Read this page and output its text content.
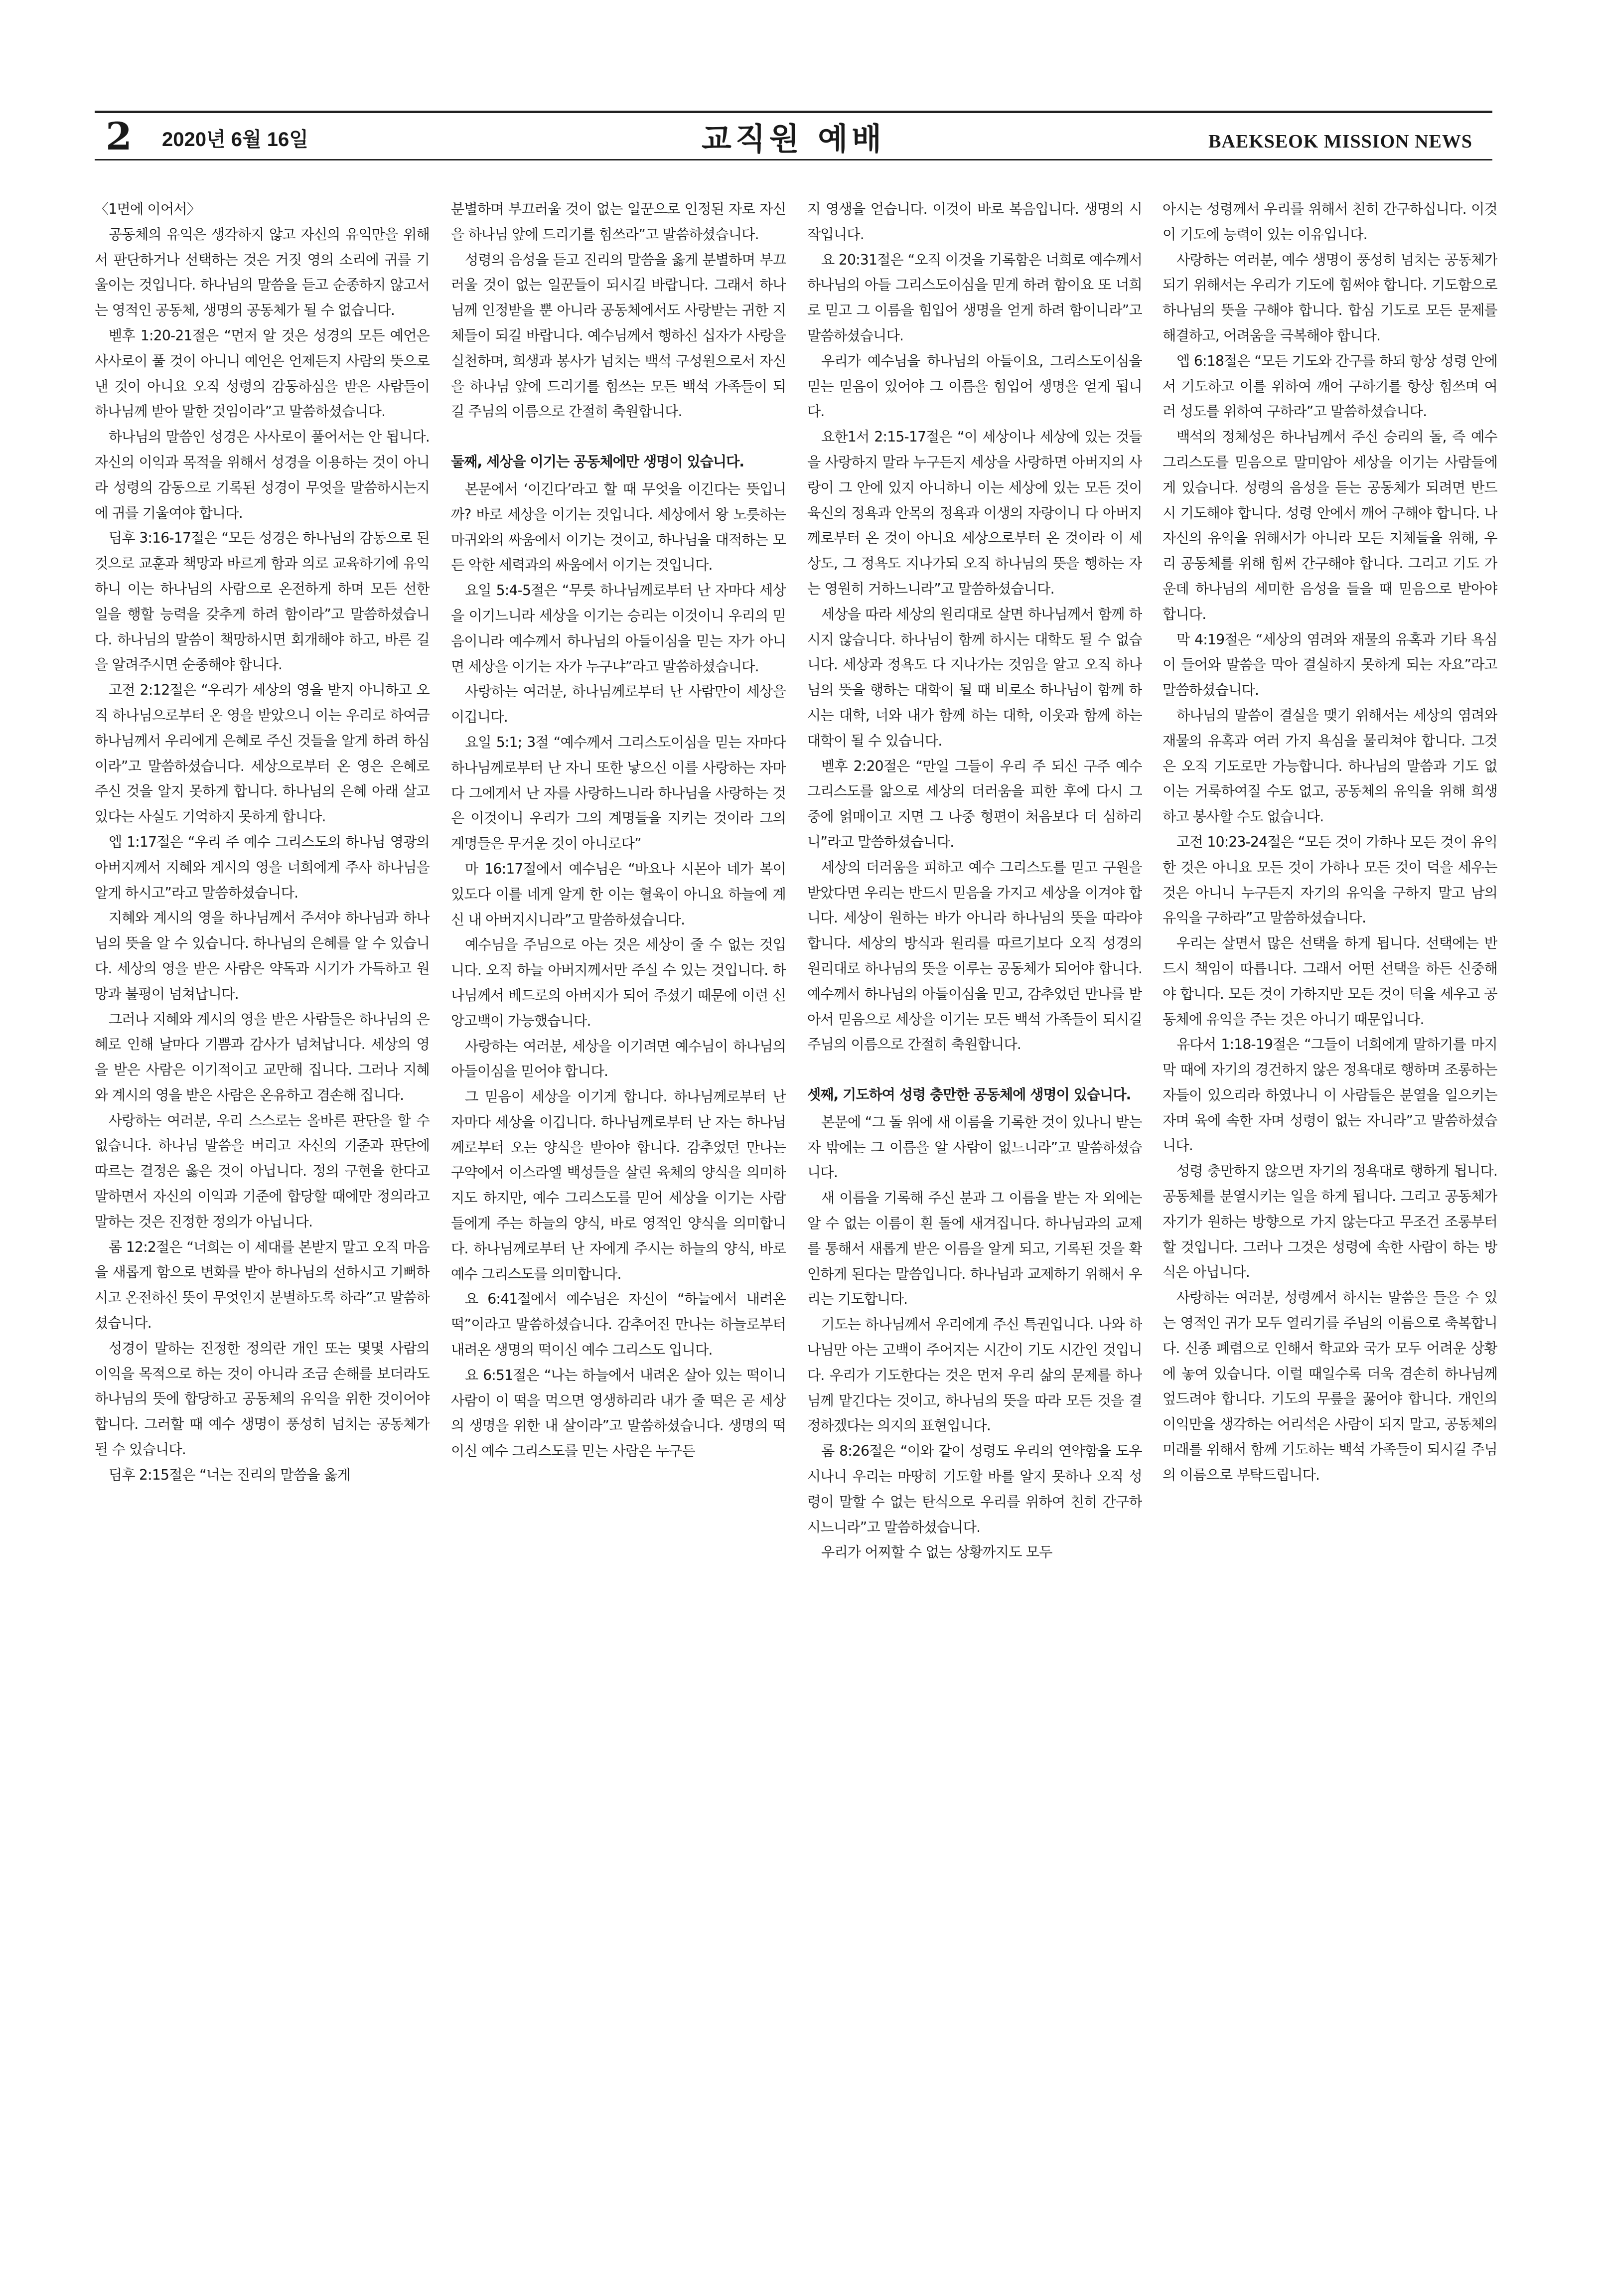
2 2020년 6월 16일	교직원 예배	BAEKSEOK MISSION NEWS

〈1면에 이어서〉

공동체의 유익은 생각하지 않고 자신의 유익만을 위해서 판단하거나 선택하는 것은 거짓 영의 소리에 귀를 기울이는 것입니다. 하나님의 말씀을 듣고 순종하지 않고서는 영적인 공동체, 생명의 공동체가 될 수 없습니다.

벧후 1:20-21절은 “먼저 알 것은 성경의 모든 예언은 사사로이 풀 것이 아니니 예언은 언제든지 사람의 뜻으로 낸 것이 아니요 오직 성령의 감동하심을 받은 사람들이 하나님께 받아 말한 것임이라”고 말씀하셨습니다.

하나님의 말씀인 성경은 사사로이 풀어서는 안 됩니다. 자신의 이익과 목적을 위해서 성경을 이용하는 것이 아니라 성령의 감동으로 기록된 성경이 무엇을 말씀하시는지에 귀를 기울여야 합니다.

딤후 3:16-17절은 “모든 성경은 하나님의 감동으로 된 것으로 교훈과 책망과 바르게 함과 의로 교육하기에 유익하니 이는 하나님의 사람으로 온전하게 하며 모든 선한 일을 행할 능력을 갖추게 하려 함이라”고 말씀하셨습니다. 하나님의 말씀이 책망하시면 회개해야 하고, 바른 길을 알려주시면 순종해야 합니다.

고전 2:12절은 “우리가 세상의 영을 받지 아니하고 오직 하나님으로부터 온 영을 받았으니 이는 우리로 하여금 하나님께서 우리에게 은혜로 주신 것들을 알게 하려 하심이라”고 말씀하셨습니다. 세상으로부터 온 영은 은혜로 주신 것을 알지 못하게 합니다. 하나님의 은혜 아래 살고 있다는 사실도 기억하지 못하게 합니다.

엡 1:17절은 “우리 주 예수 그리스도의 하나님 영광의 아버지께서 지혜와 계시의 영을 너희에게 주사 하나님을 알게 하시고”라고 말씀하셨습니다.

지혜와 계시의 영을 하나님께서 주셔야 하나님과 하나님의 뜻을 알 수 있습니다. 하나님의 은혜를 알 수 있습니다. 세상의 영을 받은 사람은 약독과 시기가 가득하고 원망과 불평이 넘쳐납니다.

그러나 지혜와 계시의 영을 받은 사람들은 하나님의 은혜로 인해 날마다 기쁨과 감사가 넘쳐납니다. 세상의 영을 받은 사람은 이기적이고 교만해 집니다. 그러나 지혜와 계시의 영을 받은 사람은 온유하고 겸손해 집니다.

사랑하는 여러분, 우리 스스로는 올바른 판단을 할 수 없습니다. 하나님 말씀을 버리고 자신의 기준과 판단에 따르는 결정은 옳은 것이 아닙니다. 정의 구현을 한다고 말하면서 자신의 이익과 기준에 합당할 때에만 정의라고 말하는 것은 진정한 정의가 아닙니다.

롬 12:2절은 “너희는 이 세대를 본받지 말고 오직 마음을 새롭게 함으로 변화를 받아 하나님의 선하시고 기뻐하시고 온전하신 뜻이 무엇인지 분별하도록 하라”고 말씀하셨습니다.

성경이 말하는 진정한 정의란 개인 또는 몇몇 사람의 이익을 목적으로 하는 것이 아니라 조금 손해를 보더라도 하나님의 뜻에 합당하고 공동체의 유익을 위한 것이어야 합니다. 그러할 때 예수 생명이 풍성히 넘치는 공동체가 될 수 있습니다.

딤후 2:15절은 “너는 진리의 말씀을 옳게

분별하며 부끄러울 것이 없는 일꾼으로 인정된 자로 자신을 하나님 앞에 드리기를 힘쓰라”고 말씀하셨습니다.

성령의 음성을 듣고 진리의 말씀을 옳게 분별하며 부끄러울 것이 없는 일꾼들이 되시길 바랍니다. 그래서 하나님께 인정받을 뿐 아니라 공동체에서도 사랑받는 귀한 지체들이 되길 바랍니다. 예수님께서 행하신 십자가 사랑을 실천하며, 희생과 봉사가 넘치는 백석 구성원으로서 자신을 하나님 앞에 드리기를 힘쓰는 모든 백석 가족들이 되길 주님의 이름으로 간절히 축원합니다.

둘째, 세상을 이기는 공동체에만 생명이 있습니다.

본문에서 ‘이긴다’라고 할 때 무엇을 이긴다는 뜻입니까? 바로 세상을 이기는 것입니다. 세상에서 왕 노릇하는 마귀와의 싸움에서 이기는 것이고, 하나님을 대적하는 모든 악한 세력과의 싸움에서 이기는 것입니다.

요일 5:4-5절은 “무릇 하나님께로부터 난 자마다 세상을 이기느니라 세상을 이기는 승리는 이것이니 우리의 믿음이니라 예수께서 하나님의 아들이심을 믿는 자가 아니면 세상을 이기는 자가 누구냐”라고 말씀하셨습니다.

사랑하는 여러분, 하나님께로부터 난 사람만이 세상을 이깁니다.

요일 5:1; 3절 “예수께서 그리스도이심을 믿는 자마다 하나님께로부터 난 자니 또한 낳으신 이를 사랑하는 자마다 그에게서 난 자를 사랑하느니라 하나님을 사랑하는 것은 이것이니 우리가 그의 계명들을 지키는 것이라 그의 계명들은 무거운 것이 아니로다”

마 16:17절에서 예수님은 “바요나 시몬아 네가 복이 있도다 이를 네게 알게 한 이는 혈육이 아니요 하늘에 계신 내 아버지시니라”고 말씀하셨습니다.

예수님을 주님으로 아는 것은 세상이 줄 수 없는 것입니다. 오직 하늘 아버지께서만 주실 수 있는 것입니다. 하나님께서 베드로의 아버지가 되어 주셨기 때문에 이런 신앙고백이 가능했습니다.

사랑하는 여러분, 세상을 이기려면 예수님이 하나님의 아들이심을 믿어야 합니다.

그 믿음이 세상을 이기게 합니다. 하나님께로부터 난 자마다 세상을 이깁니다. 하나님께로부터 난 자는 하나님께로부터 오는 양식을 받아야 합니다. 감추었던 만나는 구약에서 이스라엘 백성들을 살린 육체의 양식을 의미하지도 하지만, 예수 그리스도를 믿어 세상을 이기는 사람들에게 주는 하늘의 양식, 바로 영적인 양식을 의미합니다. 하나님께로부터 난 자에게 주시는 하늘의 양식, 바로 예수 그리스도를 의미합니다.

요 6:41절에서 예수님은 자신이 “하늘에서 내려온 떡”이라고 말씀하셨습니다. 감추어진 만나는 하늘로부터 내려온 생명의 떡이신 예수 그리스도 입니다.

요 6:51절은 “나는 하늘에서 내려온 살아 있는 떡이니 사람이 이 떡을 먹으면 영생하리라 내가 줄 떡은 곧 세상의 생명을 위한 내 살이라”고 말씀하셨습니다. 생명의 떡이신 예수 그리스도를 믿는 사람은 누구든

지 영생을 얻습니다. 이것이 바로 복음입니다. 생명의 시작입니다.

요 20:31절은 “오직 이것을 기록함은 너희로 예수께서 하나님의 아들 그리스도이심을 믿게 하려 함이요 또 너희로 믿고 그 이름을 힘입어 생명을 얻게 하려 함이니라”고 말씀하셨습니다.

우리가 예수님을 하나님의 아들이요, 그리스도이심을 믿는 믿음이 있어야 그 이름을 힘입어 생명을 얻게 됩니다.

요한1서 2:15-17절은 “이 세상이나 세상에 있는 것들을 사랑하지 말라 누구든지 세상을 사랑하면 아버지의 사랑이 그 안에 있지 아니하니 이는 세상에 있는 모든 것이 육신의 정욕과 안목의 정욕과 이생의 자랑이니 다 아버지께로부터 온 것이 아니요 세상으로부터 온 것이라 이 세상도, 그 정욕도 지나가되 오직 하나님의 뜻을 행하는 자는 영원히 거하느니라”고 말씀하셨습니다.

세상을 따라 세상의 원리대로 살면 하나님께서 함께 하시지 않습니다. 하나님이 함께 하시는 대학도 될 수 없습니다. 세상과 정욕도 다 지나가는 것임을 알고 오직 하나님의 뜻을 행하는 대학이 될 때 비로소 하나님이 함께 하시는 대학, 너와 내가 함께 하는 대학, 이웃과 함께 하는 대학이 될 수 있습니다.

벧후 2:20절은 “만일 그들이 우리 주 되신 구주 예수 그리스도를 앎으로 세상의 더러움을 피한 후에 다시 그 중에 얽매이고 지면 그 나중 형편이 처음보다 더 심하리니”라고 말씀하셨습니다.

세상의 더러움을 피하고 예수 그리스도를 믿고 구원을 받았다면 우리는 반드시 믿음을 가지고 세상을 이겨야 합니다. 세상이 원하는 바가 아니라 하나님의 뜻을 따라야 합니다. 세상의 방식과 원리를 따르기보다 오직 성경의 원리대로 하나님의 뜻을 이루는 공동체가 되어야 합니다. 예수께서 하나님의 아들이심을 믿고, 감추었던 만나를 받아서 믿음으로 세상을 이기는 모든 백석 가족들이 되시길 주님의 이름으로 간절히 축원합니다.

셋째, 기도하여 성령 충만한 공동체에 생명이 있습니다.

본문에 “그 돌 위에 새 이름을 기록한 것이 있나니 받는 자 밖에는 그 이름을 알 사람이 없느니라”고 말씀하셨습니다.

새 이름을 기록해 주신 분과 그 이름을 받는 자 외에는 알 수 없는 이름이 흰 돌에 새겨집니다. 하나님과의 교제를 통해서 새롭게 받은 이름을 알게 되고, 기록된 것을 확인하게 된다는 말씀입니다. 하나님과 교제하기 위해서 우리는 기도합니다.

기도는 하나님께서 우리에게 주신 특권입니다. 나와 하나님만 아는 고백이 주어지는 시간이 기도 시간인 것입니다. 우리가 기도한다는 것은 먼저 우리 삶의 문제를 하나님께 맡긴다는 것이고, 하나님의 뜻을 따라 모든 것을 결정하겠다는 의지의 표현입니다.

롬 8:26절은 “이와 같이 성령도 우리의 연약함을 도우시나니 우리는 마땅히 기도할 바를 알지 못하나 오직 성령이 말할 수 없는 탄식으로 우리를 위하여 친히 간구하시느니라”고 말씀하셨습니다.

우리가 어찌할 수 없는 상황까지도 모두

아시는 성령께서 우리를 위해서 친히 간구하십니다. 이것이 기도에 능력이 있는 이유입니다.

사랑하는 여러분, 예수 생명이 풍성히 넘치는 공동체가 되기 위해서는 우리가 기도에 힘써야 합니다. 기도함으로 하나님의 뜻을 구해야 합니다. 합심 기도로 모든 문제를 해결하고, 어려움을 극복해야 합니다.

엡 6:18절은 “모든 기도와 간구를 하되 항상 성령 안에서 기도하고 이를 위하여 깨어 구하기를 항상 힘쓰며 여러 성도를 위하여 구하라”고 말씀하셨습니다.

백석의 정체성은 하나님께서 주신 승리의 돌, 즉 예수 그리스도를 믿음으로 말미암아 세상을 이기는 사람들에게 있습니다. 성령의 음성을 듣는 공동체가 되려면 반드시 기도해야 합니다. 성령 안에서 깨어 구해야 합니다. 나 자신의 유익을 위해서가 아니라 모든 지체들을 위해, 우리 공동체를 위해 힘써 간구해야 합니다. 그리고 기도 가운데 하나님의 세미한 음성을 들을 때 믿음으로 받아야 합니다.

막 4:19절은 “세상의 염려와 재물의 유혹과 기타 욕심이 들어와 말씀을 막아 결실하지 못하게 되는 자요”라고 말씀하셨습니다.

하나님의 말씀이 결실을 맺기 위해서는 세상의 염려와 재물의 유혹과 여러 가지 욕심을 물리쳐야 합니다. 그것은 오직 기도로만 가능합니다. 하나님의 말씀과 기도 없이는 거룩하여질 수도 없고, 공동체의 유익을 위해 희생하고 봉사할 수도 없습니다.

고전 10:23-24절은 “모든 것이 가하나 모든 것이 유익한 것은 아니요 모든 것이 가하나 모든 것이 덕을 세우는 것은 아니니 누구든지 자기의 유익을 구하지 말고 남의 유익을 구하라”고 말씀하셨습니다.

우리는 살면서 많은 선택을 하게 됩니다. 선택에는 반드시 책임이 따릅니다. 그래서 어떤 선택을 하든 신중해야 합니다. 모든 것이 가하지만 모든 것이 덕을 세우고 공동체에 유익을 주는 것은 아니기 때문입니다.

유다서 1:18-19절은 “그들이 너희에게 말하기를 마지막 때에 자기의 경건하지 않은 정욕대로 행하며 조롱하는 자들이 있으리라 하였나니 이 사람들은 분열을 일으키는 자며 육에 속한 자며 성령이 없는 자니라”고 말씀하셨습니다.

성령 충만하지 않으면 자기의 정욕대로 행하게 됩니다. 공동체를 분열시키는 일을 하게 됩니다. 그리고 공동체가 자기가 원하는 방향으로 가지 않는다고 무조건 조롱부터 할 것입니다. 그러나 그것은 성령에 속한 사람이 하는 방식은 아닙니다.

사랑하는 여러분, 성령께서 하시는 말씀을 들을 수 있는 영적인 귀가 모두 열리기를 주님의 이름으로 축복합니다. 신종 폐렴으로 인해서 학교와 국가 모두 어려운 상황에 놓여 있습니다. 이럴 때일수록 더욱 겸손히 하나님께 엎드려야 합니다. 기도의 무릎을 꿇어야 합니다. 개인의 이익만을 생각하는 어리석은 사람이 되지 말고, 공동체의 미래를 위해서 함께 기도하는 백석 가족들이 되시길 주님의 이름으로 부탁드립니다.
